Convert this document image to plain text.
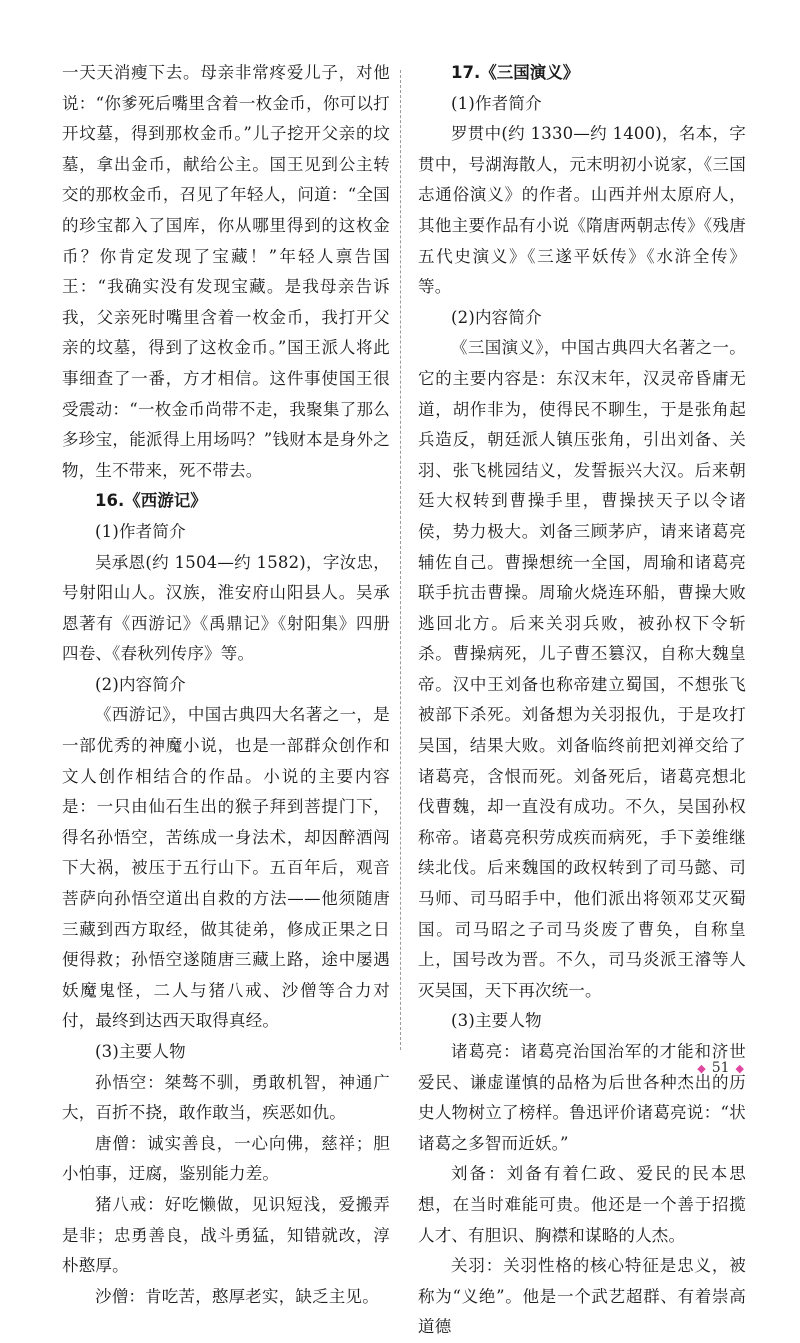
一天天消瘦下去。母亲非常疼爱儿子，对他说：“你爹死后嘴里含着一枚金币，你可以打开坟墓，得到那枚金币。”儿子挖开父亲的坟墓，拿出金币，献给公主。国王见到公主转交的那枚金币，召见了年轻人，问道：“全国的珍宝都入了国库，你从哪里得到的这枚金币？你肯定发现了宝藏！”年轻人禀告国王：“我确实没有发现宝藏。是我母亲告诉我，父亲死时嘴里含着一枚金币，我打开父亲的坟墓，得到了这枚金币。”国王派人将此事细查了一番，方才相信。这件事使国王很受震动：“一枚金币尚带不走，我聚集了那么多珍宝，能派得上用场吗？”钱财本是身外之物，生不带来，死不带去。

16.《西游记》

(1)作者简介

吴承恩(约 1504—约 1582)，字汝忠，号射阳山人。汉族，淮安府山阳县人。吴承恩著有《西游记》《禹鼎记》《射阳集》四册四卷、《春秋列传序》等。

(2)内容简介

《西游记》，中国古典四大名著之一，是一部优秀的神魔小说，也是一部群众创作和文人创作相结合的作品。小说的主要内容是：一只由仙石生出的猴子拜到菩提门下，得名孙悟空，苦练成一身法术，却因醉酒闯下大祸，被压于五行山下。五百年后，观音菩萨向孙悟空道出自救的方法——他须随唐三藏到西方取经，做其徒弟，修成正果之日便得救；孙悟空遂随唐三藏上路，途中屡遇妖魔鬼怪，二人与猪八戒、沙僧等合力对付，最终到达西天取得真经。

(3)主要人物

孙悟空：桀骜不驯，勇敢机智，神通广大，百折不挠，敢作敢当，疾恶如仇。

唐僧：诚实善良，一心向佛，慈祥；胆小怕事，迂腐，鉴别能力差。

猪八戒：好吃懒做，见识短浅，爱搬弄是非；忠勇善良，战斗勇猛，知错就改，淳朴憨厚。

沙僧：肯吃苦，憨厚老实，缺乏主见。

17.《三国演义》

(1)作者简介

罗贯中(约 1330—约 1400)，名本，字贯中，号湖海散人，元末明初小说家，《三国志通俗演义》的作者。山西并州太原府人，其他主要作品有小说《隋唐两朝志传》《残唐五代史演义》《三遂平妖传》《水浒全传》等。

(2)内容简介

《三国演义》，中国古典四大名著之一。它的主要内容是：东汉末年，汉灵帝昏庸无道，胡作非为，使得民不聊生，于是张角起兵造反，朝廷派人镇压张角，引出刘备、关羽、张飞桃园结义，发誓振兴大汉。后来朝廷大权转到曹操手里，曹操挟天子以令诸侯，势力极大。刘备三顾茅庐，请来诸葛亮辅佐自己。曹操想统一全国，周瑜和诸葛亮联手抗击曹操。周瑜火烧连环船，曹操大败逃回北方。后来关羽兵败，被孙权下令斩杀。曹操病死，儿子曹丕篡汉，自称大魏皇帝。汉中王刘备也称帝建立蜀国，不想张飞被部下杀死。刘备想为关羽报仇，于是攻打吴国，结果大败。刘备临终前把刘禅交给了诸葛亮，含恨而死。刘备死后，诸葛亮想北伐曹魏，却一直没有成功。不久，吴国孙权称帝。诸葛亮积劳成疾而病死，手下姜维继续北伐。后来魏国的政权转到了司马懿、司马师、司马昭手中，他们派出将领邓艾灭蜀国。司马昭之子司马炎废了曹奂，自称皇上，国号改为晋。不久，司马炎派王濬等人灭吴国，天下再次统一。

(3)主要人物

诸葛亮：诸葛亮治国治军的才能和济世爱民、谦虚谨慎的品格为后世各种杰出的历史人物树立了榜样。鲁迅评价诸葛亮说：“状诸葛之多智而近妖。”

刘备：刘备有着仁政、爱民的民本思想，在当时难能可贵。他还是一个善于招揽人才、有胆识、胸襟和谋略的人杰。

关羽：关羽性格的核心特征是忠义，被称为“义绝”。他是一个武艺超群、有着崇高道德

◆ 51 ◆
